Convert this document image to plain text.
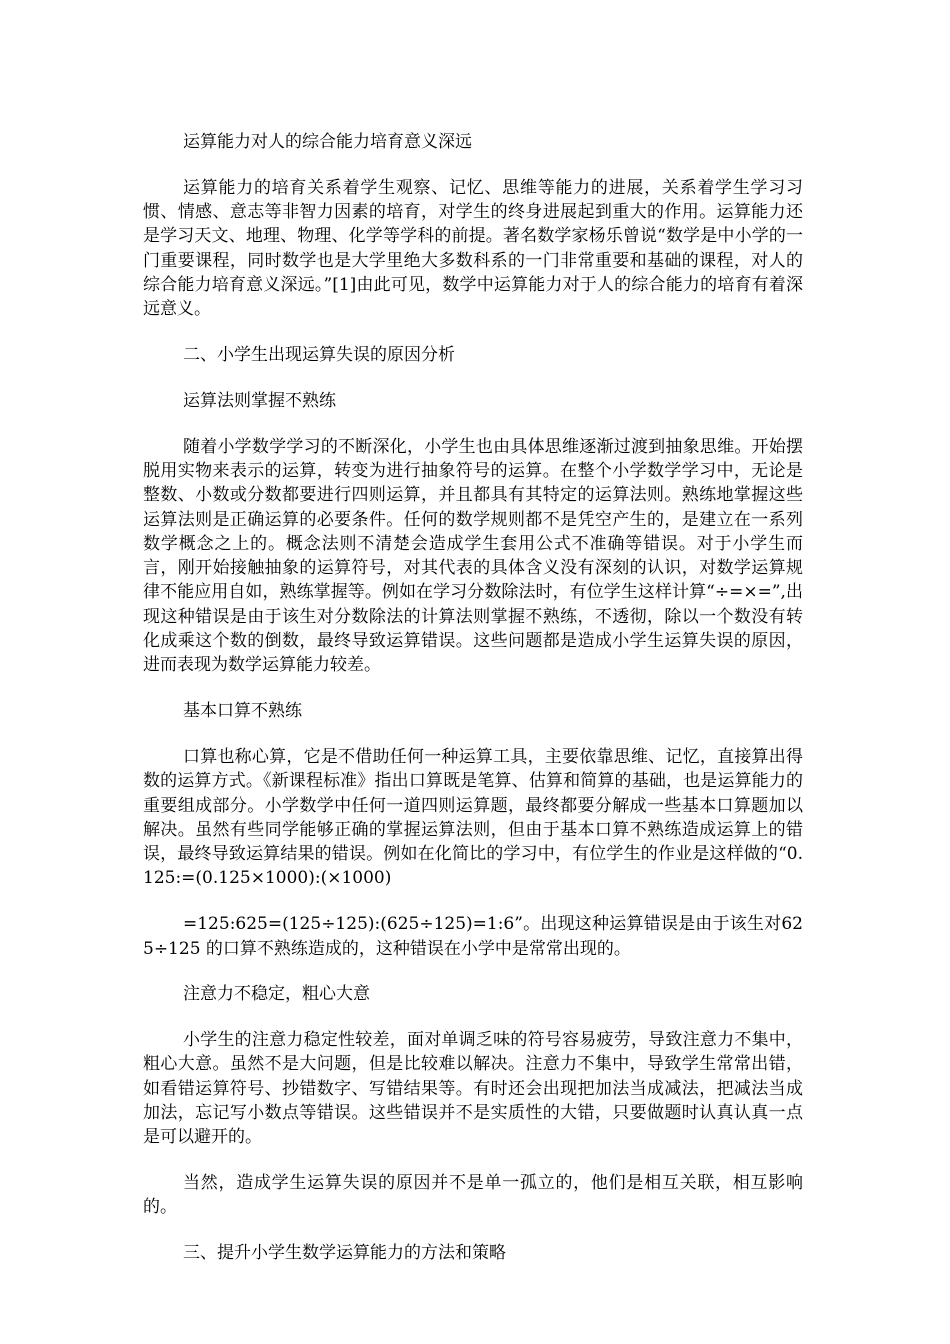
运算能力对人的综合能力培育意义深远

运算能力的培育关系着学生观察、记忆、思维等能力的进展，关系着学生学习习惯、情感、意志等非智力因素的培育，对学生的终身进展起到重大的作用。运算能力还是学习天文、地理、物理、化学等学科的前提。著名数学家杨乐曾说“数学是中小学的一门重要课程，同时数学也是大学里绝大多数科系的一门非常重要和基础的课程，对人的综合能力培育意义深远。”[1]由此可见，数学中运算能力对于人的综合能力的培育有着深远意义。

二、小学生出现运算失误的原因分析

运算法则掌握不熟练

随着小学数学学习的不断深化，小学生也由具体思维逐渐过渡到抽象思维。开始摆脱用实物来表示的运算，转变为进行抽象符号的运算。在整个小学数学学习中，无论是整数、小数或分数都要进行四则运算，并且都具有其特定的运算法则。熟练地掌握这些运算法则是正确运算的必要条件。任何的数学规则都不是凭空产生的，是建立在一系列数学概念之上的。概念法则不清楚会造成学生套用公式不准确等错误。对于小学生而言，刚开始接触抽象的运算符号，对其代表的具体含义没有深刻的认识，对数学运算规律不能应用自如，熟练掌握等。例如在学习分数除法时，有位学生这样计算“÷=×=”,出现这种错误是由于该生对分数除法的计算法则掌握不熟练，不透彻，除以一个数没有转化成乘这个数的倒数，最终导致运算错误。这些问题都是造成小学生运算失误的原因，进而表现为数学运算能力较差。

基本口算不熟练

口算也称心算，它是不借助任何一种运算工具，主要依靠思维、记忆，直接算出得数的运算方式。《新课程标准》指出口算既是笔算、估算和简算的基础，也是运算能力的重要组成部分。小学数学中任何一道四则运算题，最终都要分解成一些基本口算题加以解决。虽然有些同学能够正确的掌握运算法则，但由于基本口算不熟练造成运算上的错误，最终导致运算结果的错误。例如在化简比的学习中，有位学生的作业是这样做的“0.125:=(0.125×1000):(×1000)

=125:625=(125÷125):(625÷125)=1:6”。出现这种运算错误是由于该生对625÷125 的口算不熟练造成的，这种错误在小学中是常常出现的。

注意力不稳定，粗心大意

小学生的注意力稳定性较差，面对单调乏味的符号容易疲劳，导致注意力不集中，粗心大意。虽然不是大问题，但是比较难以解决。注意力不集中，导致学生常常出错，如看错运算符号、抄错数字、写错结果等。有时还会出现把加法当成减法，把减法当成加法，忘记写小数点等错误。这些错误并不是实质性的大错，只要做题时认真认真一点是可以避开的。

当然，造成学生运算失误的原因并不是单一孤立的，他们是相互关联，相互影响的。

三、提升小学生数学运算能力的方法和策略
